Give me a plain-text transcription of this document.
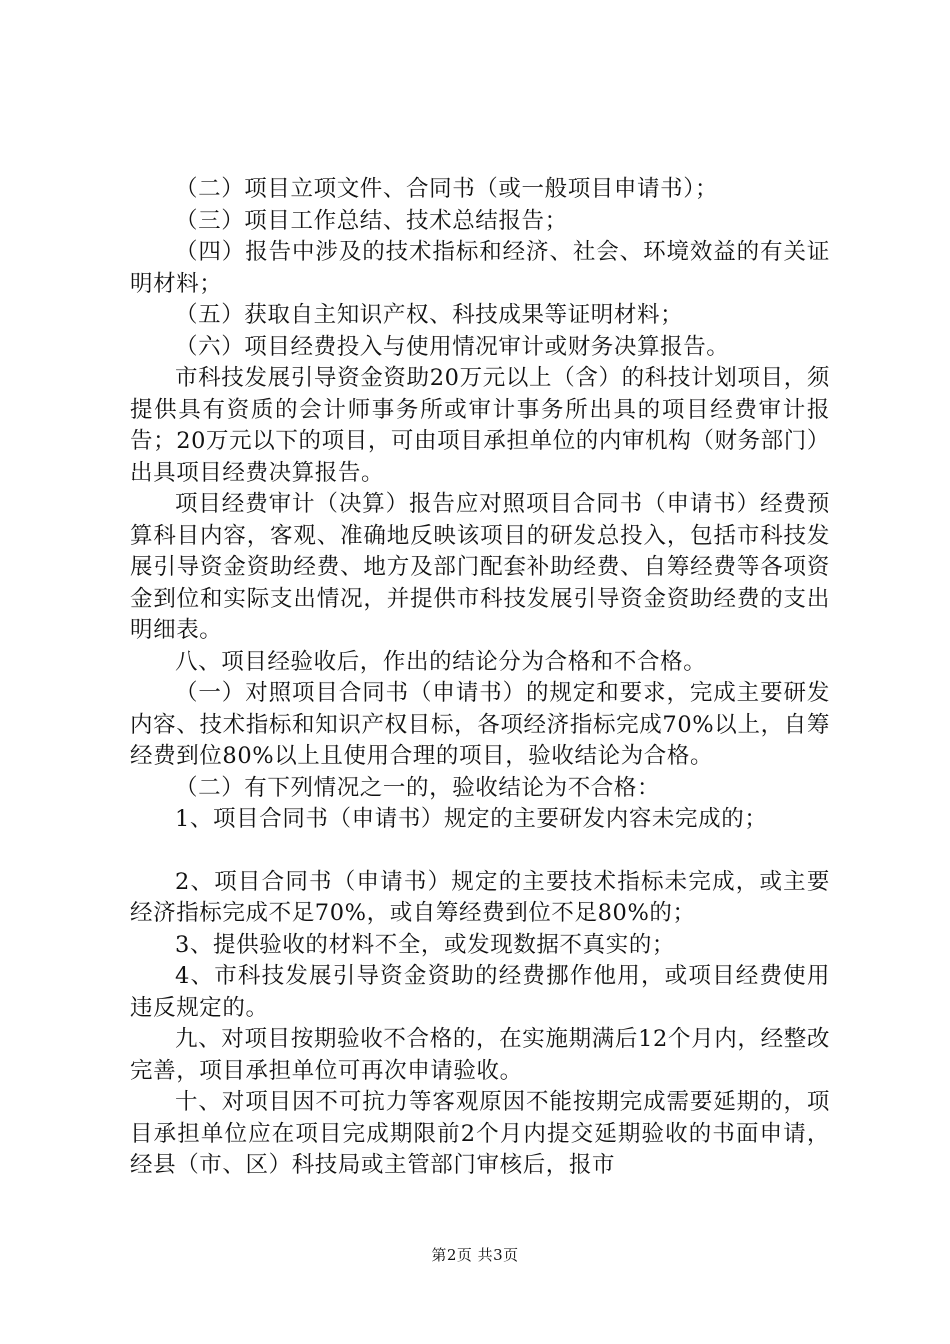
（二）项目立项文件、合同书（或一般项目申请书）；

（三）项目工作总结、技术总结报告；

（四）报告中涉及的技术指标和经济、社会、环境效益的有关证明材料；

（五）获取自主知识产权、科技成果等证明材料；

（六）项目经费投入与使用情况审计或财务决算报告。

市科技发展引导资金资助20万元以上（含）的科技计划项目，须提供具有资质的会计师事务所或审计事务所出具的项目经费审计报告；20万元以下的项目，可由项目承担单位的内审机构（财务部门）出具项目经费决算报告。

项目经费审计（决算）报告应对照项目合同书（申请书）经费预算科目内容，客观、准确地反映该项目的研发总投入，包括市科技发展引导资金资助经费、地方及部门配套补助经费、自筹经费等各项资金到位和实际支出情况，并提供市科技发展引导资金资助经费的支出明细表。

八、项目经验收后，作出的结论分为合格和不合格。

（一）对照项目合同书（申请书）的规定和要求，完成主要研发内容、技术指标和知识产权目标，各项经济指标完成70%以上，自筹经费到位80%以上且使用合理的项目，验收结论为合格。

（二）有下列情况之一的，验收结论为不合格：

1、项目合同书（申请书）规定的主要研发内容未完成的；

2、项目合同书（申请书）规定的主要技术指标未完成，或主要经济指标完成不足70%，或自筹经费到位不足80%的；

3、提供验收的材料不全，或发现数据不真实的；

4、市科技发展引导资金资助的经费挪作他用，或项目经费使用违反规定的。

九、对项目按期验收不合格的，在实施期满后12个月内，经整改完善，项目承担单位可再次申请验收。

十、对项目因不可抗力等客观原因不能按期完成需要延期的，项目承担单位应在项目完成期限前2个月内提交延期验收的书面申请，经县（市、区）科技局或主管部门审核后，报市

第2页 共3页
